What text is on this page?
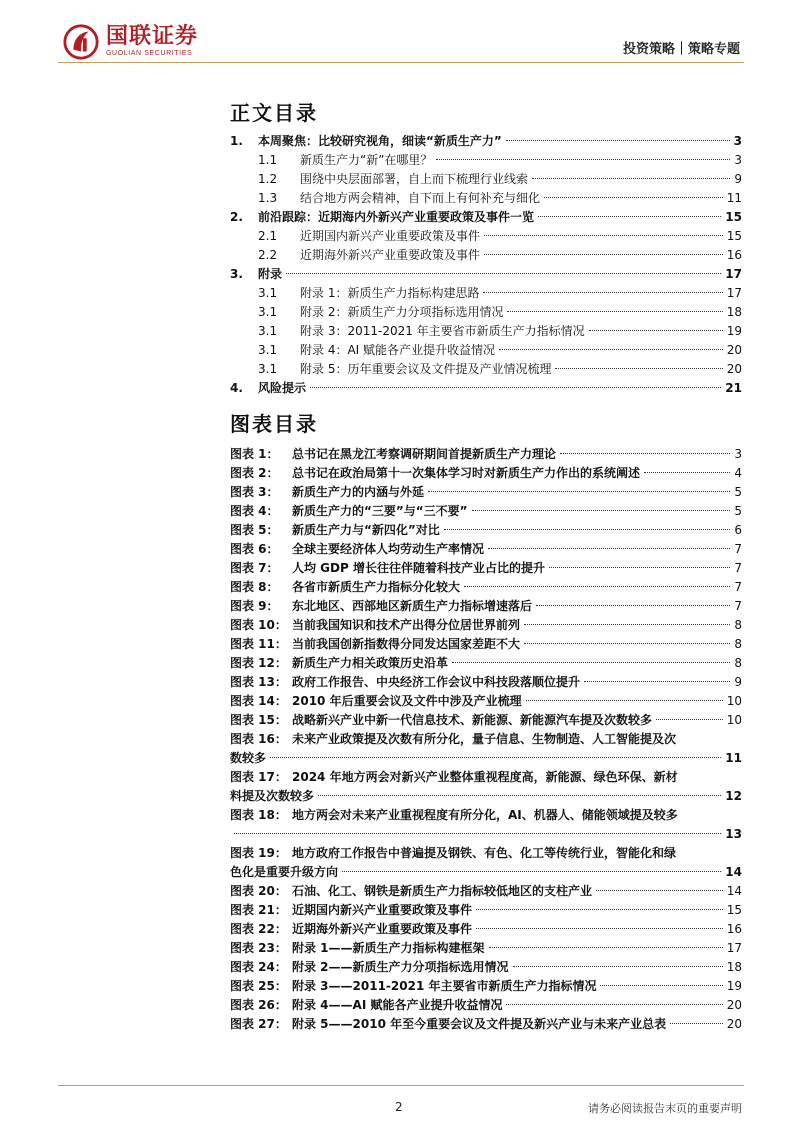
国联证券
GUOLIAN SECURITIES	投资策略｜策略专题
正文目录
1.	本周聚焦：比较研究视角，细读“新质生产力”	3
1.1	新质生产力“新”在哪里？	3
1.2	围绕中央层面部署，自上而下梳理行业线索	9
1.3	结合地方两会精神，自下而上有何补充与细化	11
2.	前沿跟踪：近期海内外新兴产业重要政策及事件一览	15
2.1	近期国内新兴产业重要政策及事件	15
2.2	近期海外新兴产业重要政策及事件	16
3.	附录	17
3.1	附录 1：新质生产力指标构建思路	17
3.1	附录 2：新质生产力分项指标选用情况	18
3.1	附录 3：2011-2021 年主要省市新质生产力指标情况	19
3.1	附录 4：AI 赋能各产业提升收益情况	20
3.1	附录 5：历年重要会议及文件提及产业情况梳理	20
4.	风险提示	21
图表目录
图表 1：	总书记在黑龙江考察调研期间首提新质生产力理论	3
图表 2：	总书记在政治局第十一次集体学习时对新质生产力作出的系统阐述	4
图表 3：	新质生产力的内涵与外延	5
图表 4：	新质生产力的“三要”与“三不要”	5
图表 5：	新质生产力与“新四化”对比	6
图表 6：	全球主要经济体人均劳动生产率情况	7
图表 7：	人均 GDP 增长往往伴随着科技产业占比的提升	7
图表 8：	各省市新质生产力指标分化较大	7
图表 9：	东北地区、西部地区新质生产力指标增速落后	7
图表 10： 当前我国知识和技术产出得分位居世界前列	8
图表 11： 当前我国创新指数得分同发达国家差距不大	8
图表 12： 新质生产力相关政策历史沿革	8
图表 13： 政府工作报告、中央经济工作会议中科技段落顺位提升	9
图表 14： 2010 年后重要会议及文件中涉及产业梳理	10
图表 15： 战略新兴产业中新一代信息技术、新能源、新能源汽车提及次数较多	10
图表 16： 未来产业政策提及次数有所分化，量子信息、生物制造、人工智能提及次
数较多	11
图表 17： 2024 年地方两会对新兴产业整体重视程度高，新能源、绿色环保、新材
料提及次数较多	12
图表 18： 地方两会对未来产业重视程度有所分化，AI、机器人、储能领域提及较多
13
图表 19： 地方政府工作报告中普遍提及钢铁、有色、化工等传统行业，智能化和绿
色化是重要升级方向	14
图表 20： 石油、化工、钢铁是新质生产力指标较低地区的支柱产业	14
图表 21： 近期国内新兴产业重要政策及事件	15
图表 22： 近期海外新兴产业重要政策及事件	16
图表 23： 附录 1——新质生产力指标构建框架	17
图表 24： 附录 2——新质生产力分项指标选用情况	18
图表 25： 附录 3——2011-2021 年主要省市新质生产力指标情况	19
图表 26： 附录 4——AI 赋能各产业提升收益情况	20
图表 27： 附录 5——2010 年至今重要会议及文件提及新兴产业与未来产业总表	20
2	请务必阅读报告末页的重要声明
